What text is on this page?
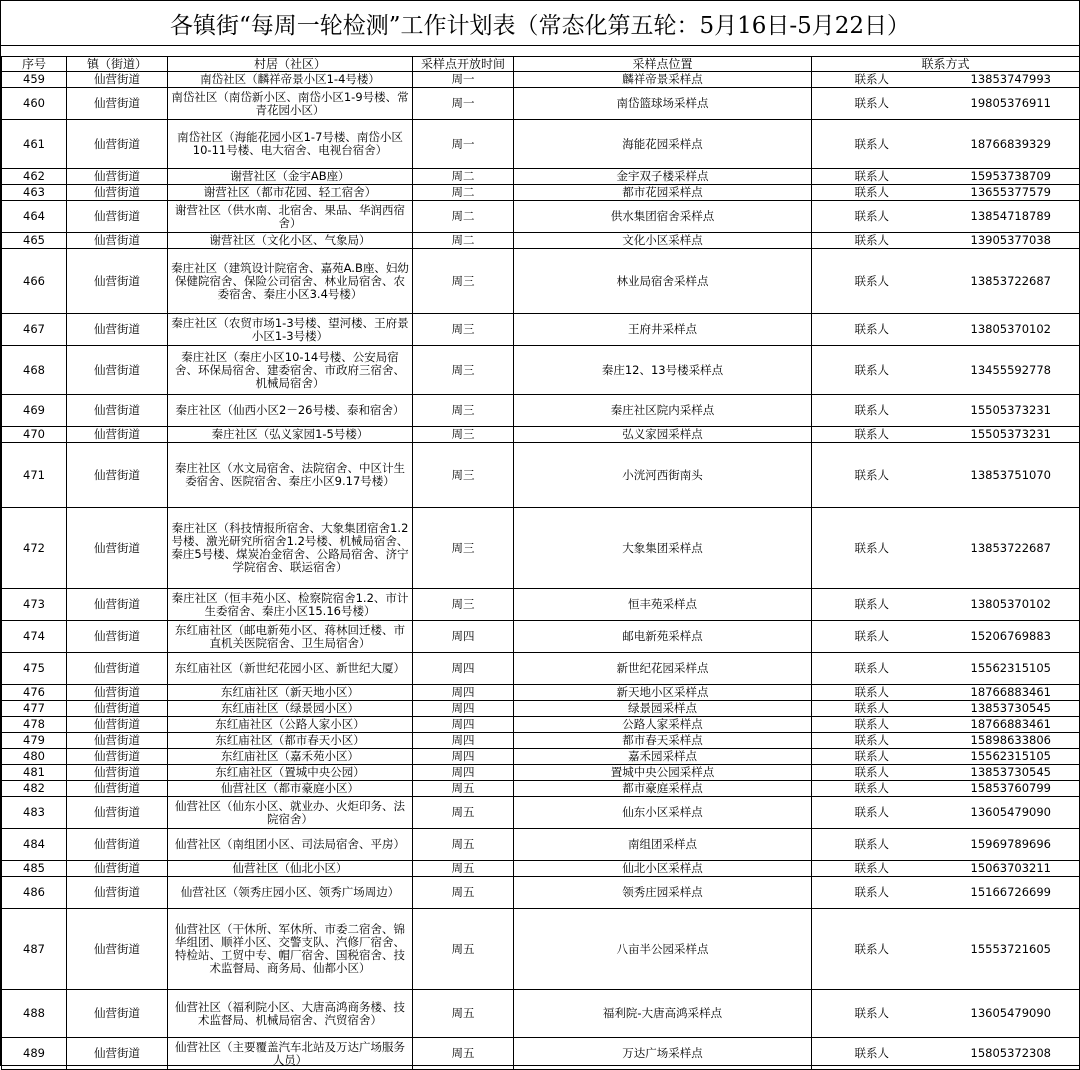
各镇街“每周一轮检测”工作计划表（常态化第五轮：5月16日-5月22日）
序号	镇（街道）	村居（社区）	采样点开放时间	采样点位置	联系方式
459	仙营街道	南岱社区（麟祥帝景小区1-4号楼）	周一	麟祥帝景采样点	联系人 13853747993

460	仙营街道	南岱社区（南岱新小区、南岱小区1-9号楼、常青花园小区）	周一	南岱篮球场采样点	联系人 19805376911

461	仙营街道	南岱社区（海能花园小区1-7号楼、南岱小区10-11号楼、电大宿舍、电视台宿舍）	周一	海能花园采样点	联系人 18766839329

462	仙营街道	谢营社区（金宇AB座）	周二	金宇双子楼采样点	联系人 15953738709

463	仙营街道	谢营社区（都市花园、轻工宿舍）	周二	都市花园采样点	联系人 13655377579

464	仙营街道	谢营社区（供水南、北宿舍、果品、华润西宿舍）	周二	供水集团宿舍采样点	联系人 13854718789

465	仙营街道	谢营社区（文化小区、气象局）	周二	文化小区采样点	联系人 13905377038

466	仙营街道	秦庄社区（建筑设计院宿舍、嘉苑A.B座、妇幼保健院宿舍、保险公司宿舍、林业局宿舍、农委宿舍、秦庄小区3.4号楼）	周三	林业局宿舍采样点	联系人 13853722687

467	仙营街道	秦庄社区（农贸市场1-3号楼、望河楼、王府景小区1-3号楼）	周三	王府井采样点	联系人 13805370102

468	仙营街道	秦庄社区（秦庄小区10-14号楼、公安局宿舍、环保局宿舍、建委宿舍、市政府三宿舍、机械局宿舍）	周三	秦庄12、13号楼采样点	联系人 13455592778

469	仙营街道	秦庄社区（仙西小区2－26号楼、泰和宿舍）	周三	秦庄社区院内采样点	联系人 15505373231

470	仙营街道	秦庄社区（弘义家园1-5号楼）	周三	弘义家园采样点	联系人 15505373231

471	仙营街道	秦庄社区（水文局宿舍、法院宿舍、中区计生委宿舍、医院宿舍、秦庄小区9.17号楼）	周三	小洸河西街南头	联系人 13853751070

472	仙营街道	秦庄社区（科技情报所宿舍、大象集团宿舍1.2号楼、激光研究所宿舍1.2号楼、机械局宿舍、秦庄5号楼、煤炭冶金宿舍、公路局宿舍、济宁学院宿舍、联运宿舍）	周三	大象集团采样点	联系人 13853722687

473	仙营街道	秦庄社区（恒丰苑小区、检察院宿舍1.2、市计生委宿舍、秦庄小区15.16号楼）	周三	恒丰苑采样点	联系人 13805370102

474	仙营街道	东红庙社区（邮电新苑小区、蒋林回迁楼、市直机关医院宿舍、卫生局宿舍）	周四	邮电新苑采样点	联系人 15206769883

475	仙营街道	东红庙社区（新世纪花园小区、新世纪大厦）	周四	新世纪花园采样点	联系人 15562315105

476	仙营街道	东红庙社区（新天地小区）	周四	新天地小区采样点	联系人 18766883461

477	仙营街道	东红庙社区（绿景园小区）	周四	绿景园采样点	联系人 13853730545

478	仙营街道	东红庙社区（公路人家小区）	周四	公路人家采样点	联系人 18766883461

479	仙营街道	东红庙社区（都市春天小区）	周四	都市春天采样点	联系人 15898633806

480	仙营街道	东红庙社区（嘉禾苑小区）	周四	嘉禾园采样点	联系人 15562315105

481	仙营街道	东红庙社区（置城中央公园）	周四	置城中央公园采样点	联系人 13853730545

482	仙营街道	仙营社区（都市豪庭小区）	周五	都市豪庭采样点	联系人 15853760799

483	仙营街道	仙营社区（仙东小区、就业办、火炬印务、法院宿舍）	周五	仙东小区采样点	联系人 13605479090

484	仙营街道	仙营社区（南组团小区、司法局宿舍、平房）	周五	南组团采样点	联系人 15969789696

485	仙营街道	仙营社区（仙北小区）	周五	仙北小区采样点	联系人 15063703211

486	仙营街道	仙营社区（领秀庄园小区、领秀广场周边）	周五	领秀庄园采样点	联系人 15166726699

487	仙营街道	仙营社区（干休所、军休所、市委二宿舍、锦华组团、顺祥小区、交警支队、汽修厂宿舍、特检站、工贸中专、帽厂宿舍、国税宿舍、技术监督局、商务局、仙都小区）	周五	八亩半公园采样点	联系人 15553721605

488	仙营街道	仙营社区（福利院小区、大唐高鸿商务楼、技术监督局、机械局宿舍、汽贸宿舍）	周五	福利院-大唐高鸿采样点	联系人 13605479090

489	仙营街道	仙营社区（主要覆盖汽车北站及万达广场服务人员）	周五	万达广场采样点	联系人 15805372308
